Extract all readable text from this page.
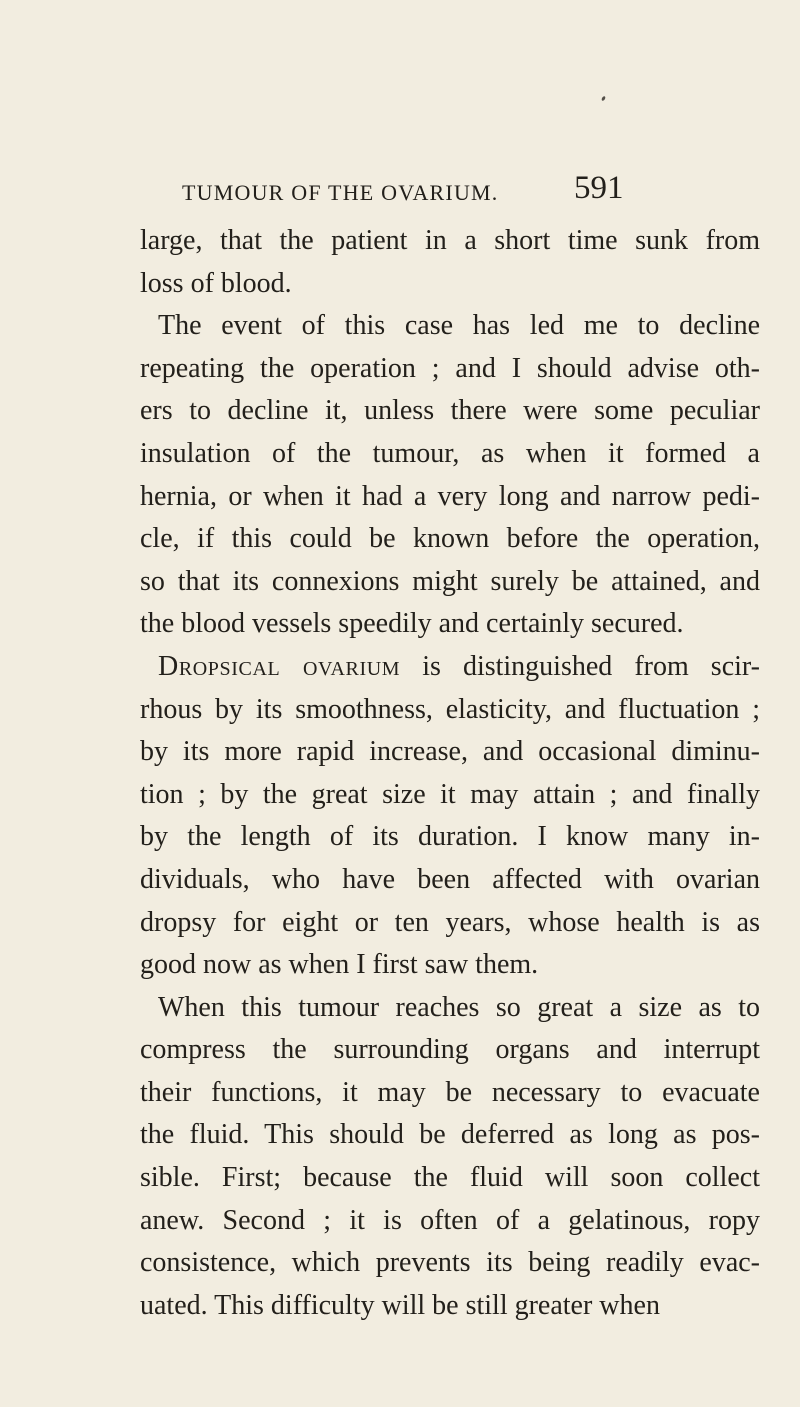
TUMOUR OF THE OVARIUM. 591
large, that the patient in a short time sunk from
loss of blood.
The event of this case has led me to decline
repeating the operation ; and I should advise oth-
ers to decline it, unless there were some peculiar
insulation of the tumour, as when it formed a
hernia, or when it had a very long and narrow pedi-
cle, if this could be known before the operation,
so that its connexions might surely be attained, and
the blood vessels speedily and certainly secured.
Dropsical ovarium is distinguished from scir-
rhous by its smoothness, elasticity, and fluctuation ;
by its more rapid increase, and occasional diminu-
tion ; by the great size it may attain ; and finally
by the length of its duration. I know many in-
dividuals, who have been affected with ovarian
dropsy for eight or ten years, whose health is as
good now as when I first saw them.
When this tumour reaches so great a size as to
compress the surrounding organs and interrupt
their functions, it may be necessary to evacuate
the fluid. This should be deferred as long as pos-
sible. First; because the fluid will soon collect
anew. Second ; it is often of a gelatinous, ropy
consistence, which prevents its being readily evac-
uated. This difficulty will be still greater when
